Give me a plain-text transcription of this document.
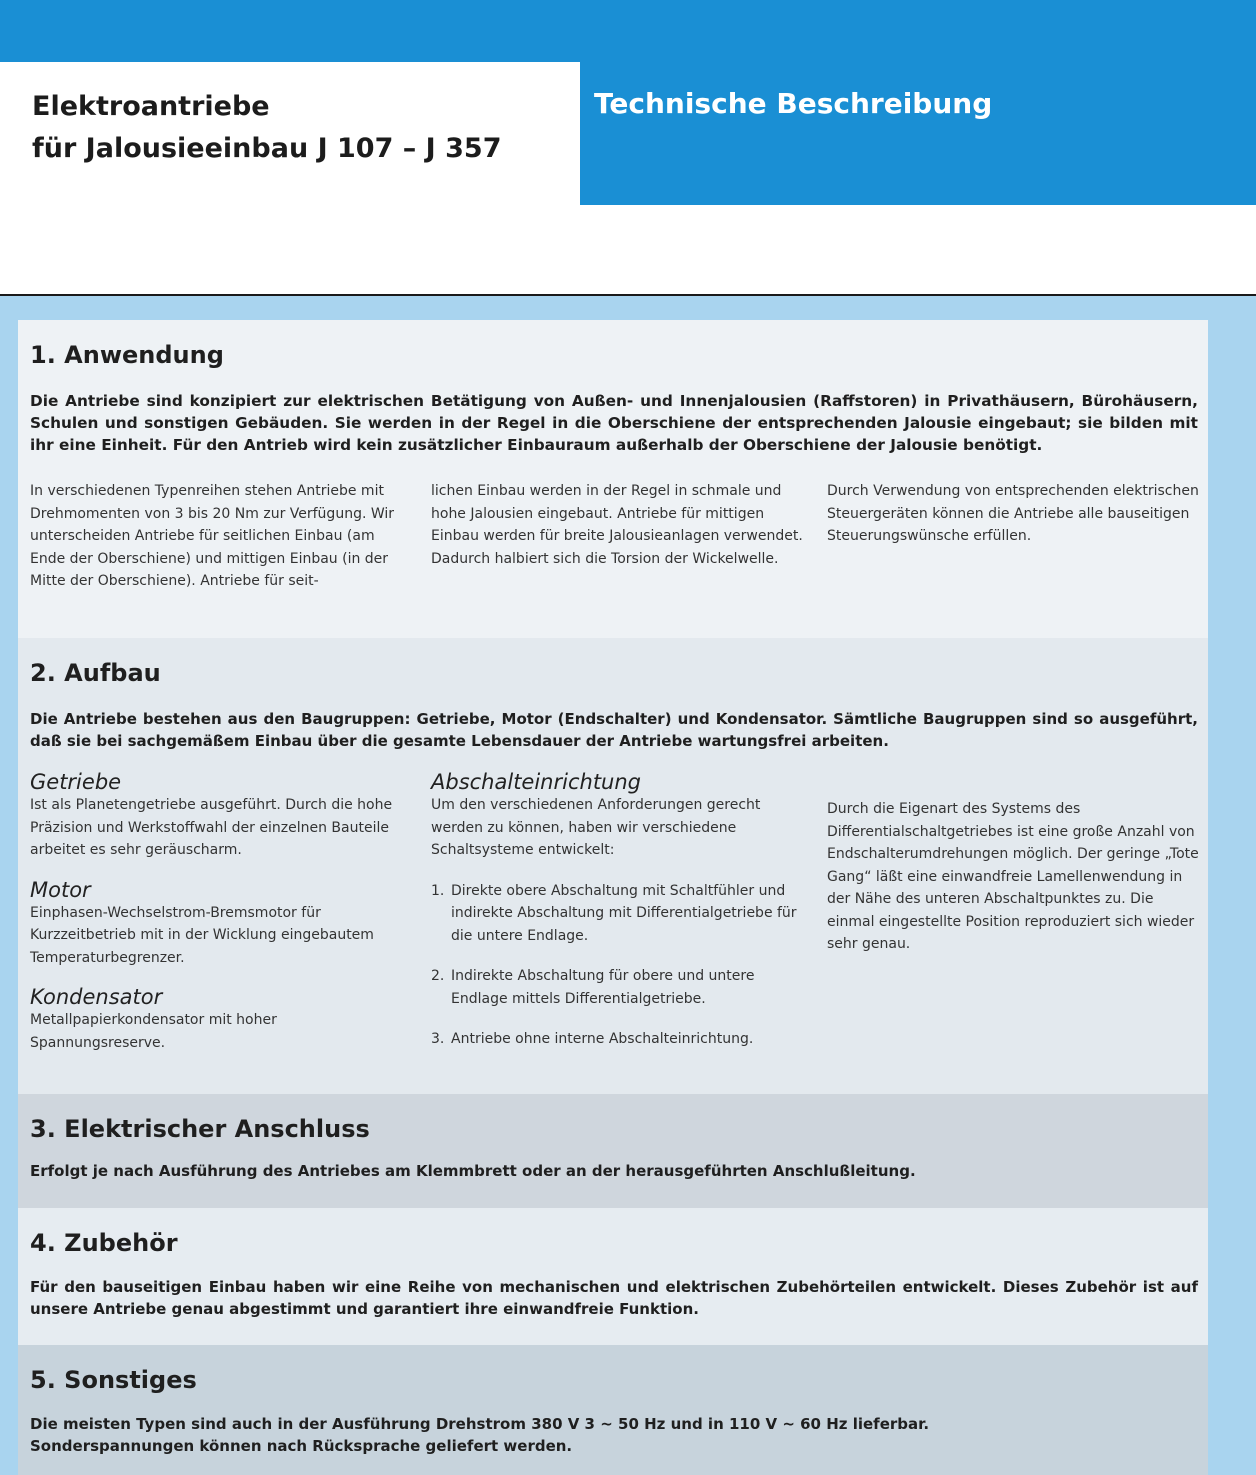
Elektroantriebe
für Jalousieeinbau J 107 – J 357
Technische Beschreibung
1. Anwendung

Die Antriebe sind konzipiert zur elektrischen Betätigung von Außen- und Innenjalousien (Raffstoren) in Privathäusern, Bürohäusern, Schulen und sonstigen Gebäuden. Sie werden in der Regel in die Oberschiene der entsprechenden Jalousie eingebaut; sie bilden mit ihr eine Einheit. Für den Antrieb wird kein zusätzlicher Einbauraum außerhalb der Oberschiene der Jalousie benötigt.

In verschiedenen Typenreihen stehen Antriebe mit Drehmomenten von 3 bis 20 Nm zur Verfügung. Wir unterscheiden Antriebe für seitlichen Einbau (am Ende der Oberschiene) und mittigen Einbau (in der Mitte der Oberschiene). Antriebe für seit-

lichen Einbau werden in der Regel in schmale und hohe Jalousien eingebaut. Antriebe für mittigen Einbau werden für breite Jalousieanlagen verwendet. Dadurch halbiert sich die Torsion der Wickelwelle.

Durch Verwendung von entsprechenden elektrischen Steuergeräten können die Antriebe alle bauseitigen Steuerungswünsche erfüllen.

2. Aufbau

Die Antriebe bestehen aus den Baugruppen: Getriebe, Motor (Endschalter) und Kondensator. Sämtliche Baugruppen sind so ausgeführt, daß sie bei sachgemäßem Einbau über die gesamte Lebensdauer der Antriebe wartungsfrei arbeiten.

Getriebe

Ist als Planetengetriebe ausgeführt. Durch die hohe Präzision und Werkstoffwahl der einzelnen Bauteile arbeitet es sehr geräuscharm.

Motor

Einphasen-Wechselstrom-Bremsmotor für Kurzzeitbetrieb mit in der Wicklung eingebautem Temperaturbegrenzer.

Kondensator

Metallpapierkondensator mit hoher Spannungsreserve.

Abschalteinrichtung

Um den verschiedenen Anforderungen gerecht werden zu können, haben wir verschiedene Schaltsysteme entwickelt:

1. Direkte obere Abschaltung mit Schaltfühler und indirekte Abschaltung mit Differentialgetriebe für die untere Endlage.
2. Indirekte Abschaltung für obere und untere Endlage mittels Differentialgetriebe.
3. Antriebe ohne interne Abschalteinrichtung.

Durch die Eigenart des Systems des Differentialschaltgetriebes ist eine große Anzahl von Endschalterumdrehungen möglich. Der geringe „Tote Gang“ läßt eine einwandfreie Lamellenwendung in der Nähe des unteren Abschaltpunktes zu. Die einmal eingestellte Position reproduziert sich wieder sehr genau.

3. Elektrischer Anschluss

Erfolgt je nach Ausführung des Antriebes am Klemmbrett oder an der herausgeführten Anschlußleitung.

4. Zubehör

Für den bauseitigen Einbau haben wir eine Reihe von mechanischen und elektrischen Zubehörteilen entwickelt. Dieses Zubehör ist auf unsere Antriebe genau abgestimmt und garantiert ihre einwandfreie Funktion.

5. Sonstiges

Die meisten Typen sind auch in der Ausführung Drehstrom 380 V 3 ~ 50 Hz und in 110 V ~ 60 Hz lieferbar.

Sonderspannungen können nach Rücksprache geliefert werden.
